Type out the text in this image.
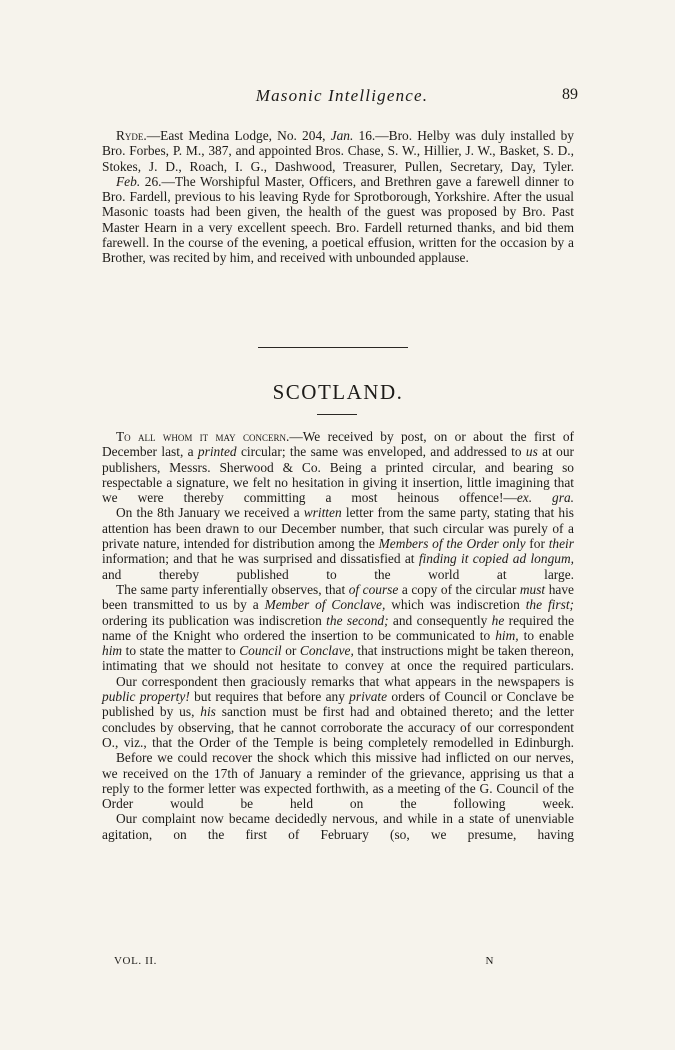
Masonic Intelligence.	89

Ryde.—East Medina Lodge, No. 204, Jan. 16.—Bro. Helby was duly installed by Bro. Forbes, P. M., 387, and appointed Bros. Chase, S. W., Hillier, J. W., Basket, S. D., Stokes, J. D., Roach, I. G., Dashwood, Treasurer, Pullen, Secretary, Day, Tyler.

Feb. 26.—The Worshipful Master, Officers, and Brethren gave a farewell dinner to Bro. Fardell, previous to his leaving Ryde for Sprotborough, Yorkshire. After the usual Masonic toasts had been given, the health of the guest was proposed by Bro. Past Master Hearn in a very excellent speech. Bro. Fardell returned thanks, and bid them farewell. In the course of the evening, a poetical effusion, written for the occasion by a Brother, was recited by him, and received with unbounded applause.

SCOTLAND.

To all whom it may concern.—We received by post, on or about the first of December last, a printed circular; the same was enveloped, and addressed to us at our publishers, Messrs. Sherwood & Co. Being a printed circular, and bearing so respectable a signature, we felt no hesitation in giving it insertion, little imagining that we were thereby committing a most heinous offence!—ex. gra.

On the 8th January we received a written letter from the same party, stating that his attention has been drawn to our December number, that such circular was purely of a private nature, intended for distribution among the Members of the Order only for their information; and that he was surprised and dissatisfied at finding it copied ad longum, and thereby published to the world at large.

The same party inferentially observes, that of course a copy of the circular must have been transmitted to us by a Member of Conclave, which was indiscretion the first; ordering its publication was indiscretion the second; and consequently he required the name of the Knight who ordered the insertion to be communicated to him, to enable him to state the matter to Council or Conclave, that instructions might be taken thereon, intimating that we should not hesitate to convey at once the required particulars.

Our correspondent then graciously remarks that what appears in the newspapers is public property! but requires that before any private orders of Council or Conclave be published by us, his sanction must be first had and obtained thereto; and the letter concludes by observing, that he cannot corroborate the accuracy of our correspondent O., viz., that the Order of the Temple is being completely remodelled in Edinburgh.

Before we could recover the shock which this missive had inflicted on our nerves, we received on the 17th of January a reminder of the grievance, apprising us that a reply to the former letter was expected forthwith, as a meeting of the G. Council of the Order would be held on the following week.

Our complaint now became decidedly nervous, and while in a state of unenviable agitation, on the first of February (so, we presume, having

VOL. II.	N
